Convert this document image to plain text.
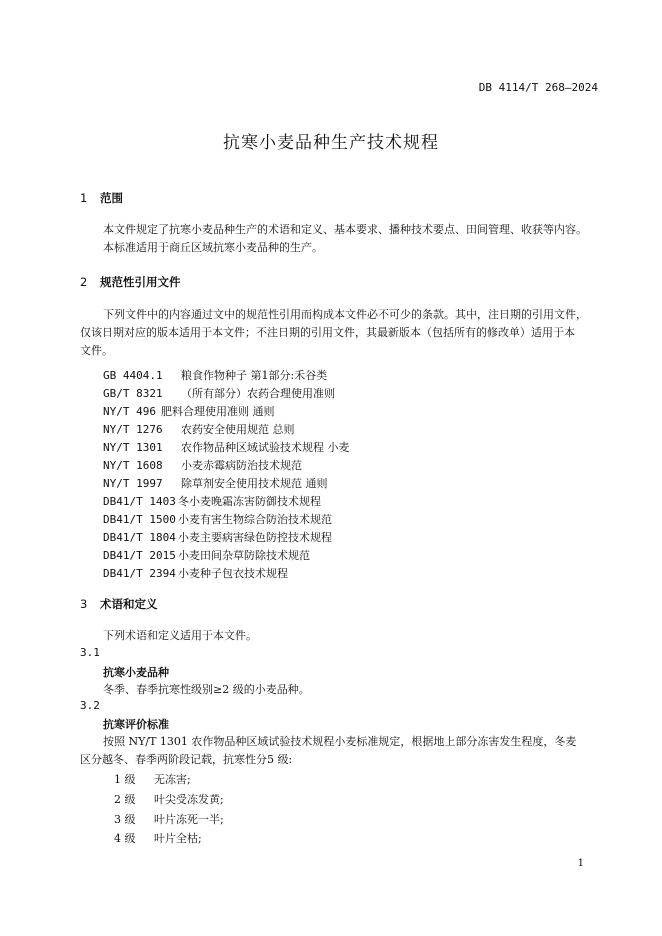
DB 4114/T 268—2024
抗寒小麦品种生产技术规程
1 范围
本文件规定了抗寒小麦品种生产的术语和定义、基本要求、播种技术要点、田间管理、收获等内容。
本标准适用于商丘区域抗寒小麦品种的生产。
2 规范性引用文件
下列文件中的内容通过文中的规范性引用而构成本文件必不可少的条款。其中，注日期的引用文件，
仅该日期对应的版本适用于本文件；不注日期的引用文件，其最新版本（包括所有的修改单）适用于本
文件。
GB 4404.1 粮食作物种子 第1部分:禾谷类
GB/T 8321 （所有部分）农药合理使用准则
NY/T 496 肥料合理使用准则 通则
NY/T 1276 农药安全使用规范 总则
NY/T 1301 农作物品种区域试验技术规程 小麦
NY/T 1608 小麦赤霉病防治技术规范
NY/T 1997 除草剂安全使用技术规范 通则
DB41/T 1403 冬小麦晚霜冻害防御技术规程
DB41/T 1500 小麦有害生物综合防治技术规范
DB41/T 1804 小麦主要病害绿色防控技术规程
DB41/T 2015 小麦田间杂草防除技术规范
DB41/T 2394 小麦种子包衣技术规程
3 术语和定义
下列术语和定义适用于本文件。
3.1
抗寒小麦品种
冬季、春季抗寒性级别≥2 级的小麦品种。
3.2
抗寒评价标准
按照 NY/T 1301 农作物品种区域试验技术规程小麦标准规定，根据地上部分冻害发生程度，冬麦
区分越冬、春季两阶段记载，抗寒性分5 级:
1 级 无冻害;
2 级 叶尖受冻发黄;
3 级 叶片冻死一半;
4 级 叶片全枯;
1
